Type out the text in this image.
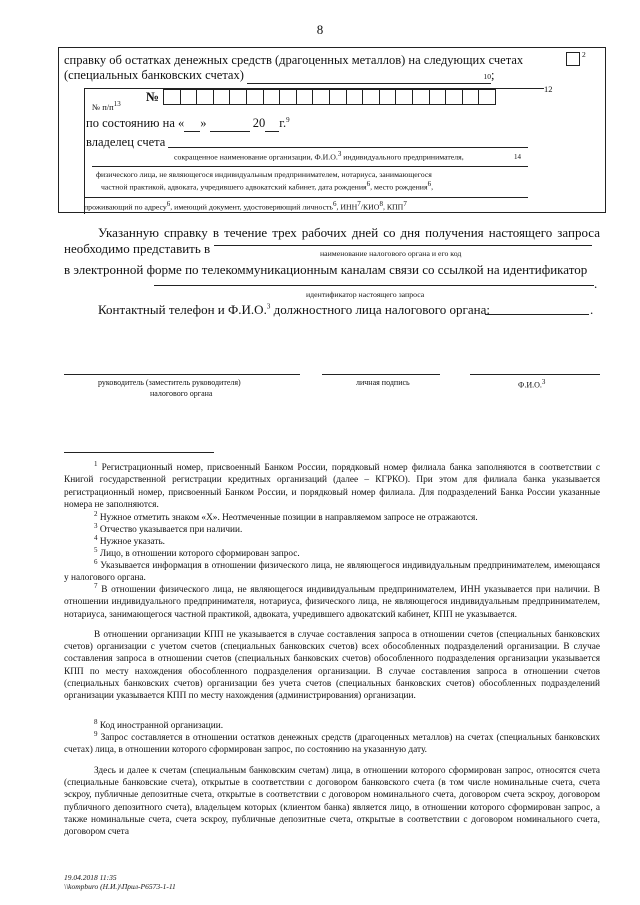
8
справку об остатках денежных средств (драгоценных металлов) на следующих счетах	2
(специальных банковских счетах)	10;
12
№ $п/п^{13}$ №
по состоянию на « »	20 г.$^9$
владелец счета
сокращенное наименование организации, Ф.И.О.3 индивидуального предпринимателя,	14
физического лица, не являющегося индивидуальным предпринимателем, нотариуса, занимающегося
частной практикой, адвоката, учредившего адвокатский кабинет, дата рождения6, место рождения6,
проживающий по адресу6, имеющий документ, удостоверяющий личность6, ИНН7/КИО8, КПП7
Указанную справку в течение трех рабочих дней со дня получения настоящего запроса необходимо представить в	наименование налогового органа и его код
в электронной форме по телекоммуникационным каналам связи со ссылкой на идентификатор
.
идентификатор настоящего запроса
Контактный телефон и Ф.И.О.$^3$ должностного лица налогового органа:	.
руководитель (заместитель руководителя)
налогового органа
личная подпись	Ф.И.О.3
$^1$ Регистрационный номер, присвоенный Банком России, порядковый номер филиала банка заполняются в соответствии с Книгой государственной регистрации кредитных организаций (далее – КГРКО). При этом для филиала банка указывается регистрационный номер, присвоенный Банком России, и порядковый номер филиала. Для подразделений Банка России указанные номера не заполняются.
$^2$ Нужное отметить знаком «X». Неотмеченные позиции в направляемом запросе не отражаются.
$^3$ Отчество указывается при наличии.
$^4$ Нужное указать.
$^5$ Лицо, в отношении которого сформирован запрос.
$^6$ Указывается информация в отношении физического лица, не являющегося индивидуальным предпринимателем, имеющаяся у налогового органа.
$^7$ В отношении физического лица, не являющегося индивидуальным предпринимателем, ИНН указывается при наличии. В отношении индивидуального предпринимателя, нотариуса, физического лица, не являющегося индивидуальным предпринимателем, нотариуса, занимающегося частной практикой, адвоката, учредившего адвокатский кабинет, КПП не указывается.
В отношении организации КПП не указывается в случае составления запроса в отношении счетов (специальных банковских счетов) организации с учетом счетов (специальных банковских счетов) всех обособленных подразделений организации. В случае составления запроса в отношении счетов (специальных банковских счетов) обособленного подразделения организации указывается КПП по месту нахождения обособленного подразделения организации. В случае составления запроса в отношении счетов (специальных банковских счетов) организации без учета счетов (специальных банковских счетов) обособленных подразделений организации указывается КПП по месту нахождения (администрирования) организации.
$^8$ Код иностранной организации.
$^9$ Запрос составляется в отношении остатков денежных средств (драгоценных металлов) на счетах (специальных банковских счетах) лица, в отношении которого сформирован запрос, по состоянию на указанную дату.
Здесь и далее к счетам (специальным банковским счетам) лица, в отношении которого сформирован запрос, относятся счета (специальные банковские счета), открытые в соответствии с договором банковского счета (в том числе номинальные счета, счета эскроу, публичные депозитные счета, открытые в соответствии с договором номинального счета, договором счета эскроу, договором публичного депозитного счета), владельцем которых (клиентом банка) является лицо, в отношении которого сформирован запрос, а также номинальные счета, счета эскроу, публичные депозитные счета, открытые в соответствии с договором номинального счета, договором счета
19.04.2018 11:35
\\kompburo (Н.И.)\Прил-Р6573-1-11
